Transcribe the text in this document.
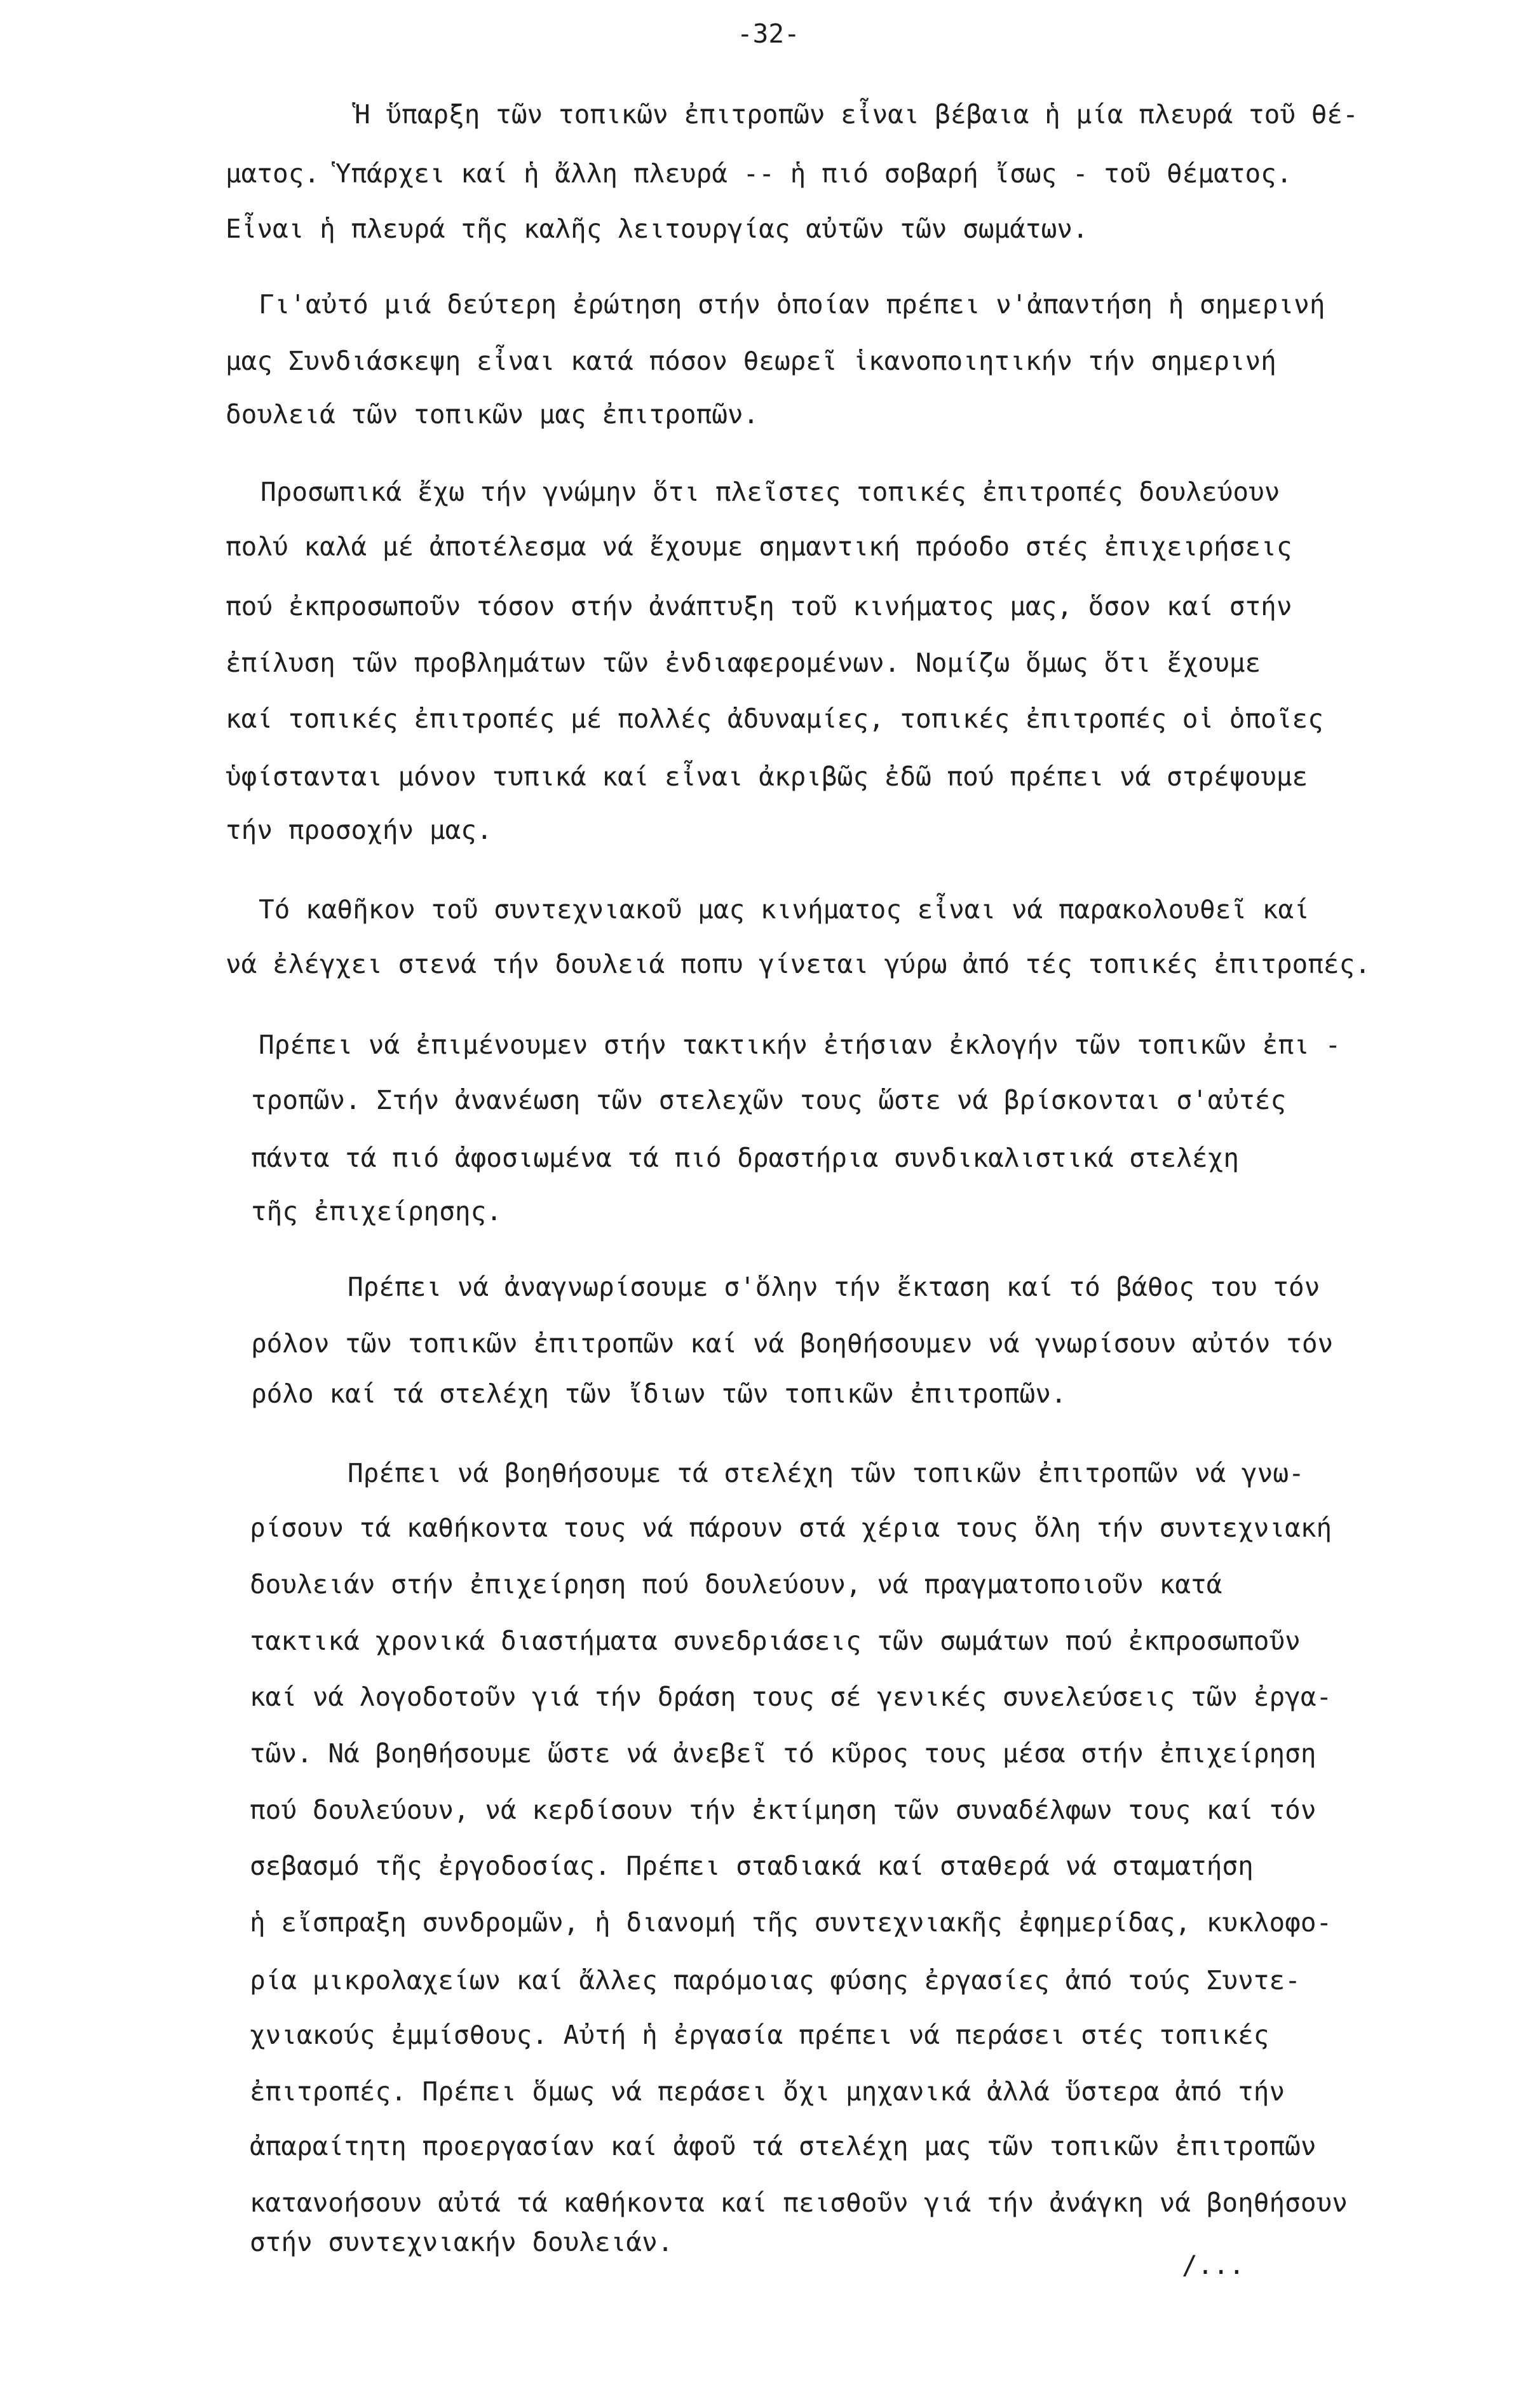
-32-
Ἡ ὕπαρξη τῶν τοπικῶν ἐπιτροπῶν εἶναι βέβαια ἡ μία πλευρά τοῦ θέ-
ματος. Ὑπάρχει καί ἡ ἄλλη πλευρά -- ἡ πιό σοβαρή ἴσως - τοῦ θέματος.
Εἶναι ἡ πλευρά τῆς καλῆς λειτουργίας αὐτῶν τῶν σωμάτων.
Γι'αὐτό μιά δεύτερη ἐρώτηση στήν ὁποίαν πρέπει ν'ἀπαντήση ἡ σημερινή
μας Συνδιάσκεψη εἶναι κατά πόσον θεωρεῖ ἱκανοποιητικήν τήν σημερινή
δουλειά τῶν τοπικῶν μας ἐπιτροπῶν.
Προσωπικά ἔχω τήν γνώμην ὅτι πλεῖστες τοπικές ἐπιτροπές δουλεύουν
πολύ καλά μέ ἀποτέλεσμα νά ἔχουμε σημαντική πρόοδο στές ἐπιχειρήσεις
πού ἐκπροσωποῦν τόσον στήν ἀνάπτυξη τοῦ κινήματος μας, ὅσον καί στήν
ἐπίλυση τῶν προβλημάτων τῶν ἐνδιαφερομένων. Νομίζω ὅμως ὅτι ἔχουμε
καί τοπικές ἐπιτροπές μέ πολλές ἀδυναμίες, τοπικές ἐπιτροπές οἱ ὁποῖες
ὑφίστανται μόνον τυπικά καί εἶναι ἀκριβῶς ἐδῶ πού πρέπει νά στρέψουμε
τήν προσοχήν μας.
Τό καθῆκον τοῦ συντεχνιακοῦ μας κινήματος εἶναι νά παρακολουθεῖ καί
νά ἐλέγχει στενά τήν δουλειά ποπυ γίνεται γύρω ἀπό τές τοπικές ἐπιτροπές.
Πρέπει νά ἐπιμένουμεν στήν τακτικήν ἐτήσιαν ἐκλογήν τῶν τοπικῶν ἐπι -
τροπῶν. Στήν ἀνανέωση τῶν στελεχῶν τους ὥστε νά βρίσκονται σ'αὐτές
πάντα τά πιό ἀφοσιωμένα τά πιό δραστήρια συνδικαλιστικά στελέχη
τῆς ἐπιχείρησης.
Πρέπει νά ἀναγνωρίσουμε σ'ὅλην τήν ἔκταση καί τό βάθος του τόν
ρόλον τῶν τοπικῶν ἐπιτροπῶν καί νά βοηθήσουμεν νά γνωρίσουν αὐτόν τόν
ρόλο καί τά στελέχη τῶν ἴδιων τῶν τοπικῶν ἐπιτροπῶν.
Πρέπει νά βοηθήσουμε τά στελέχη τῶν τοπικῶν ἐπιτροπῶν νά γνω-
ρίσουν τά καθήκοντα τους νά πάρουν στά χέρια τους ὅλη τήν συντεχνιακή
δουλειάν στήν ἐπιχείρηση πού δουλεύουν, νά πραγματοποιοῦν κατά
τακτικά χρονικά διαστήματα συνεδριάσεις τῶν σωμάτων πού ἐκπροσωποῦν
καί νά λογοδοτοῦν γιά τήν δράση τους σέ γενικές συνελεύσεις τῶν ἐργα-
τῶν. Νά βοηθήσουμε ὥστε νά ἀνεβεῖ τό κῦρος τους μέσα στήν ἐπιχείρηση
πού δουλεύουν, νά κερδίσουν τήν ἐκτίμηση τῶν συναδέλφων τους καί τόν
σεβασμό τῆς ἐργοδοσίας. Πρέπει σταδιακά καί σταθερά νά σταματήση
ἡ εἴσπραξη συνδρομῶν, ἡ διανομή τῆς συντεχνιακῆς ἐφημερίδας, κυκλοφο-
ρία μικρολαχείων καί ἄλλες παρόμοιας φύσης ἐργασίες ἀπό τούς Συντε-
χνιακούς ἐμμίσθους. Αὐτή ἡ ἐργασία πρέπει νά περάσει στές τοπικές
ἐπιτροπές. Πρέπει ὅμως νά περάσει ὄχι μηχανικά ἀλλά ὕστερα ἀπό τήν
ἀπαραίτητη προεργασίαν καί ἀφοῦ τά στελέχη μας τῶν τοπικῶν ἐπιτροπῶν
κατανοήσουν αὐτά τά καθήκοντα καί πεισθοῦν γιά τήν ἀνάγκη νά βοηθήσουν
στήν συντεχνιακήν δουλειάν.
/...
